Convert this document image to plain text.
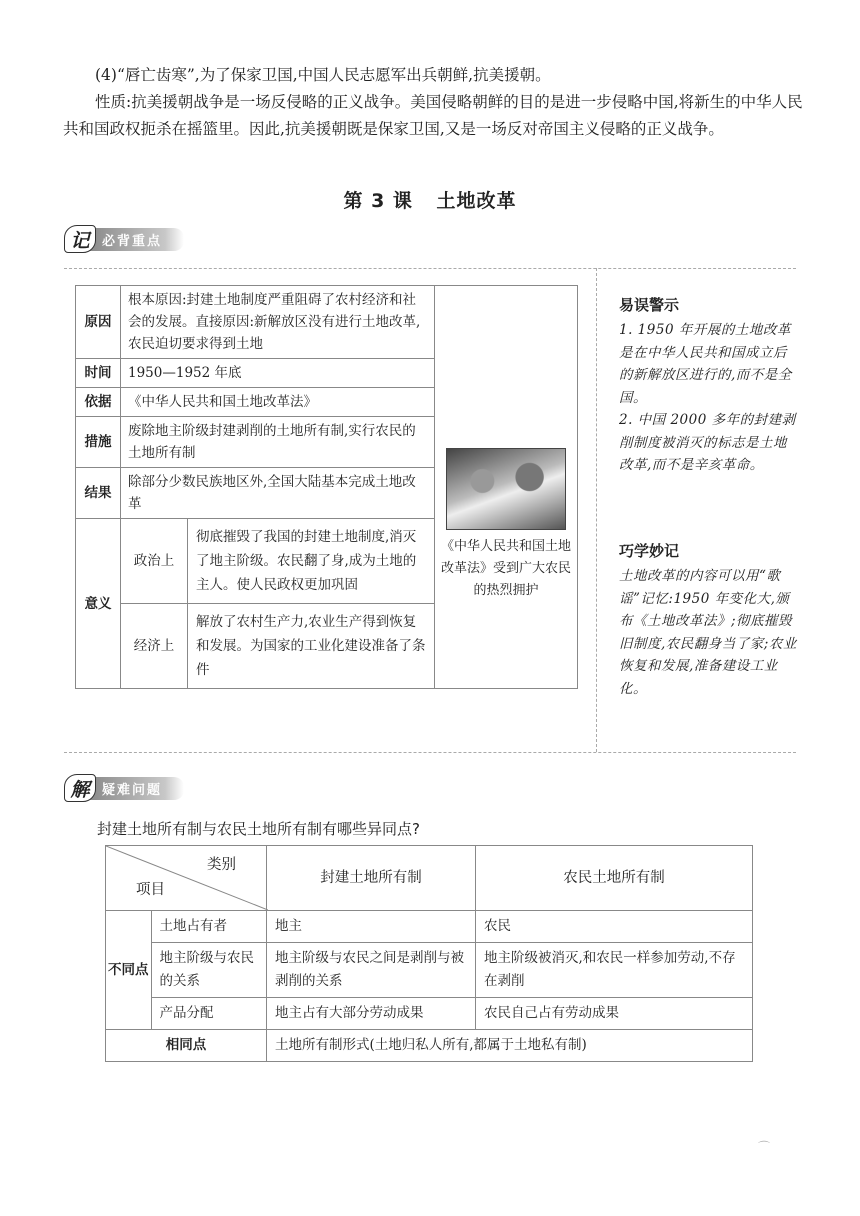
(4)“唇亡齿寒”,为了保家卫国,中国人民志愿军出兵朝鲜,抗美援朝。
性质:抗美援朝战争是一场反侵略的正义战争。美国侵略朝鲜的目的是进一步侵略中国,将新生的中华人民共和国政权扼杀在摇篮里。因此,抗美援朝既是保家卫国,又是一场反对帝国主义侵略的正义战争。
第 3 课 土地改革
记 必背重点
原因	根本原因:封建土地制度严重阻碍了农村经济和社会的发展。直接原因:新解放区没有进行土地改革,农民迫切要求得到土地		《中华人民共和国土地改革法》受到广大农民的热烈拥护

时间	1950—1952 年底		
依据	《中华人民共和国土地改革法》		
措施	废除地主阶级封建剥削的土地所有制,实行农民的土地所有制		
结果	除部分少数民族地区外,全国大陆基本完成土地改革		
意义	政治上	彻底摧毁了我国的封建土地制度,消灭了地主阶级。农民翻了身,成为土地的主人。使人民政权更加巩固	
	经济上	解放了农村生产力,农业生产得到恢复和发展。为国家的工业化建设准备了条件	
易误警示
1. 1950 年开展的土地改革是在中华人民共和国成立后的新解放区进行的,而不是全国。
2. 中国 2000 多年的封建剥削制度被消灭的标志是土地改革,而不是辛亥革命。
巧学妙记
土地改革的内容可以用“歌谣”记忆:1950 年变化大,颁布《土地改革法》;彻底摧毁旧制度,农民翻身当了家;农业恢复和发展,准备建设工业化。
解 疑难问题
封建土地所有制与农民土地所有制有哪些异同点?
类别
项目		封建土地所有制	农民土地所有制
不同点	土地占有者	地主	农民
	地主阶级与农民的关系	地主阶级与农民之间是剥削与被剥削的关系	地主阶级被消灭,和农民一样参加劳动,不存在剥削
	产品分配	地主占有大部分劳动成果	农民自己占有劳动成果
相同点		土地所有制形式(土地归私人所有,都属于土地私有制)	
⌒
